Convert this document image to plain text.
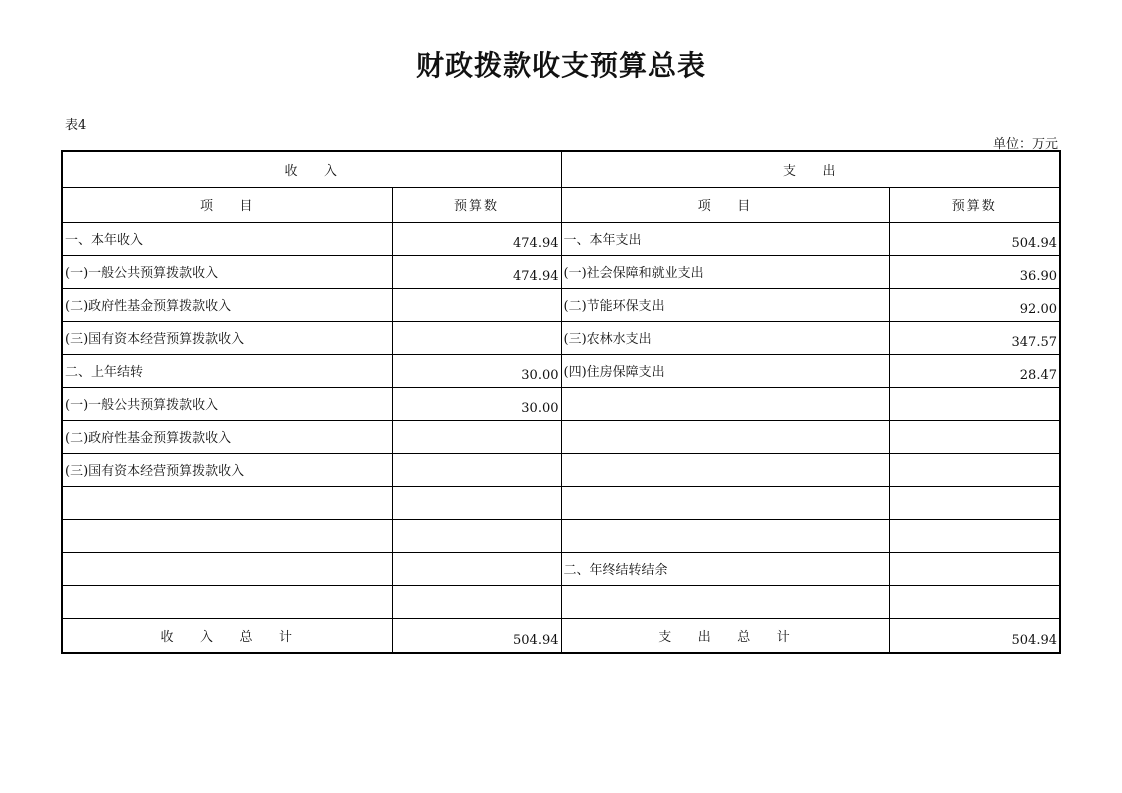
财政拨款收支预算总表
表4
单位：万元
收    入		支    出	
项    目	预算数	项    目	预算数
一、本年收入	474.94	一、本年支出	504.94
(一)一般公共预算拨款收入	474.94	(一)社会保障和就业支出	36.90
(二)政府性基金预算拨款收入		(二)节能环保支出	92.00
(三)国有资本经营预算拨款收入		(三)农林水支出	347.57
二、上年结转	30.00	(四)住房保障支出	28.47
(一)一般公共预算拨款收入	30.00		
(二)政府性基金预算拨款收入			
(三)国有资本经营预算拨款收入			

		二、年终结转结余	

收    入    总    计	504.94	支    出    总    计	504.94
